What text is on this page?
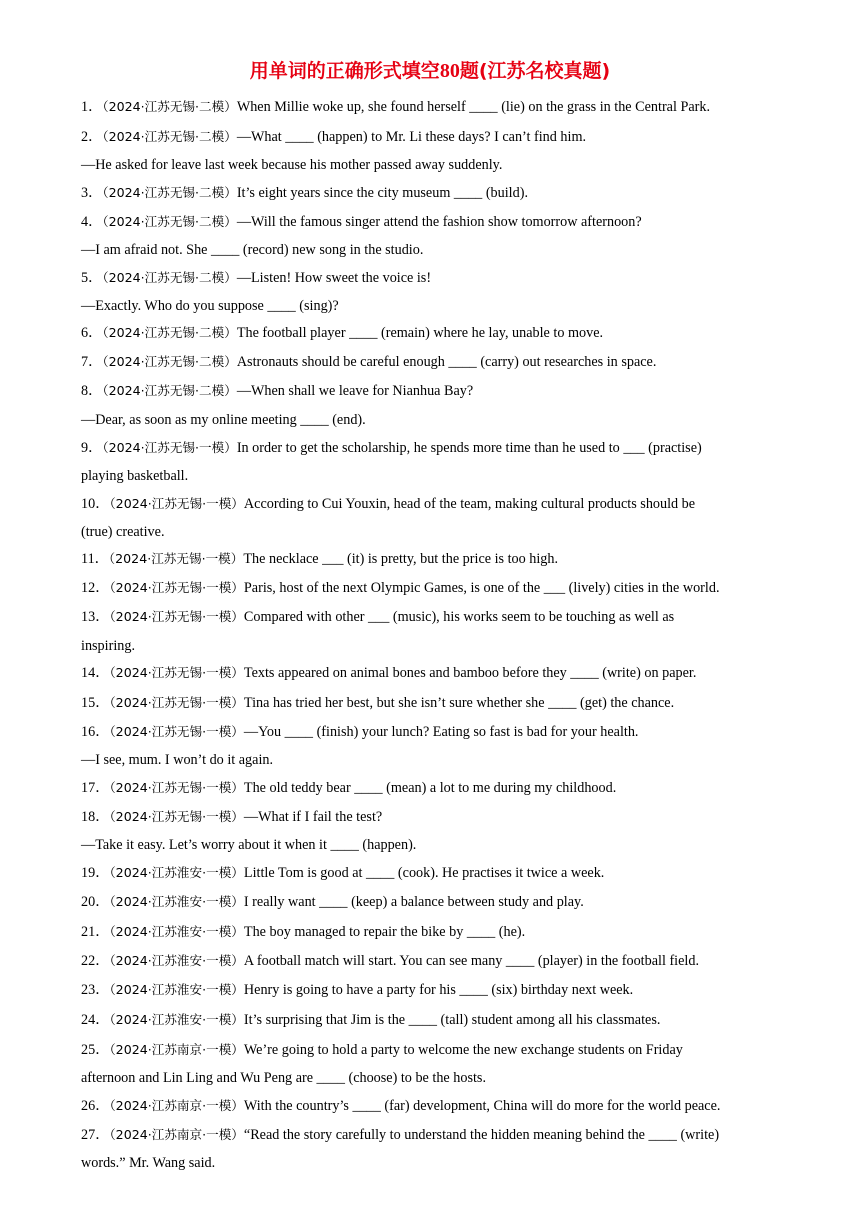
用单词的正确形式填空80题(江苏名校真题)
1．（2024·江苏无锡·二模）When Millie woke up, she found herself ____ (lie) on the grass in the Central Park.
2．（2024·江苏无锡·二模）—What ____ (happen) to Mr. Li these days? I can’t find him.
—He asked for leave last week because his mother passed away suddenly.
3．（2024·江苏无锡·二模）It’s eight years since the city museum ____ (build).
4．（2024·江苏无锡·二模）—Will the famous singer attend the fashion show tomorrow afternoon?
—I am afraid not. She ____ (record) new song in the studio.
5．（2024·江苏无锡·二模）—Listen! How sweet the voice is!
—Exactly. Who do you suppose ____ (sing)?
6．（2024·江苏无锡·二模）The football player ____ (remain) where he lay, unable to move.
7．（2024·江苏无锡·二模）Astronauts should be careful enough ____ (carry) out researches in space.
8．（2024·江苏无锡·二模）—When shall we leave for Nianhua Bay?
—Dear, as soon as my online meeting ____ (end).
9．（2024·江苏无锡·一模）In order to get the scholarship, he spends more time than he used to ___ (practise)
playing basketball.
10．（2024·江苏无锡·一模）According to Cui Youxin, head of the team, making cultural products should be
(true) creative.
11．（2024·江苏无锡·一模）The necklace ___ (it) is pretty, but the price is too high.
12．（2024·江苏无锡·一模）Paris, host of the next Olympic Games, is one of the ___ (lively) cities in the world.
13．（2024·江苏无锡·一模）Compared with other ___ (music), his works seem to be touching as well as
inspiring.
14．（2024·江苏无锡·一模）Texts appeared on animal bones and bamboo before they ____ (write) on paper.
15．（2024·江苏无锡·一模）Tina has tried her best, but she isn’t sure whether she ____ (get) the chance.
16．（2024·江苏无锡·一模）—You ____ (finish) your lunch? Eating so fast is bad for your health.
—I see, mum. I won’t do it again.
17．（2024·江苏无锡·一模）The old teddy bear ____ (mean) a lot to me during my childhood.
18．（2024·江苏无锡·一模）—What if I fail the test?
—Take it easy. Let’s worry about it when it ____ (happen).
19．（2024·江苏淮安·一模）Little Tom is good at ____ (cook). He practises it twice a week.
20．（2024·江苏淮安·一模）I really want ____ (keep) a balance between study and play.
21．（2024·江苏淮安·一模）The boy managed to repair the bike by ____ (he).
22．（2024·江苏淮安·一模）A football match will start. You can see many ____ (player) in the football field.
23．（2024·江苏淮安·一模）Henry is going to have a party for his ____ (six) birthday next week.
24．（2024·江苏淮安·一模）It’s surprising that Jim is the ____ (tall) student among all his classmates.
25．（2024·江苏南京·一模）We’re going to hold a party to welcome the new exchange students on Friday
afternoon and Lin Ling and Wu Peng are ____ (choose) to be the hosts.
26．（2024·江苏南京·一模）With the country’s ____ (far) development, China will do more for the world peace.
27．（2024·江苏南京·一模）“Read the story carefully to understand the hidden meaning behind the ____ (write)
words.” Mr. Wang said.
